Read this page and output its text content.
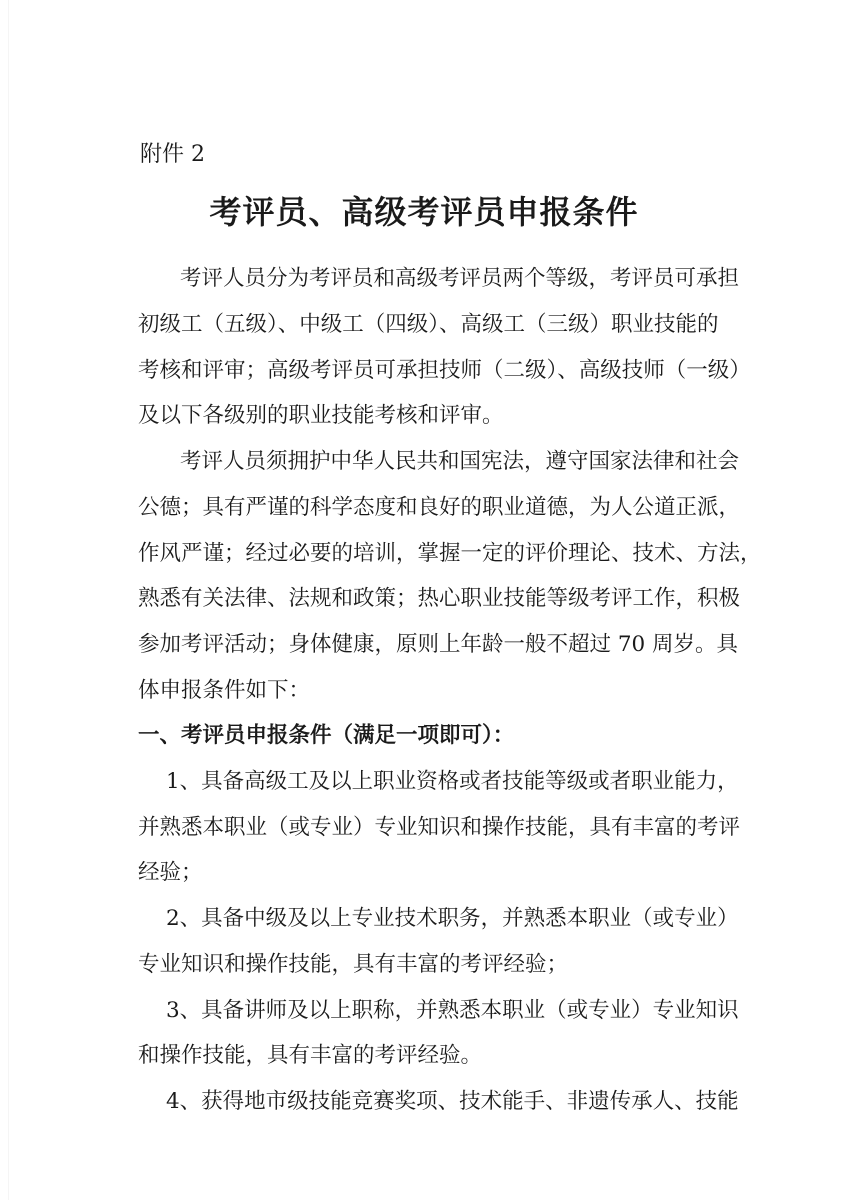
附件 2
考评员、高级考评员申报条件
考评人员分为考评员和高级考评员两个等级，考评员可承担
初级工（五级）、中级工（四级）、高级工（三级）职业技能的
考核和评审；高级考评员可承担技师（二级）、高级技师（一级）
及以下各级别的职业技能考核和评审。
考评人员须拥护中华人民共和国宪法，遵守国家法律和社会
公德；具有严谨的科学态度和良好的职业道德，为人公道正派，
作风严谨；经过必要的培训，掌握一定的评价理论、技术、方法，
熟悉有关法律、法规和政策；热心职业技能等级考评工作，积极
参加考评活动；身体健康，原则上年龄一般不超过 70 周岁。具
体申报条件如下：
一、考评员申报条件（满足一项即可）：
1、具备高级工及以上职业资格或者技能等级或者职业能力，
并熟悉本职业（或专业）专业知识和操作技能，具有丰富的考评
经验；
2、具备中级及以上专业技术职务，并熟悉本职业（或专业）
专业知识和操作技能，具有丰富的考评经验；
3、具备讲师及以上职称，并熟悉本职业（或专业）专业知识
和操作技能，具有丰富的考评经验。
4、获得地市级技能竞赛奖项、技术能手、非遗传承人、技能
